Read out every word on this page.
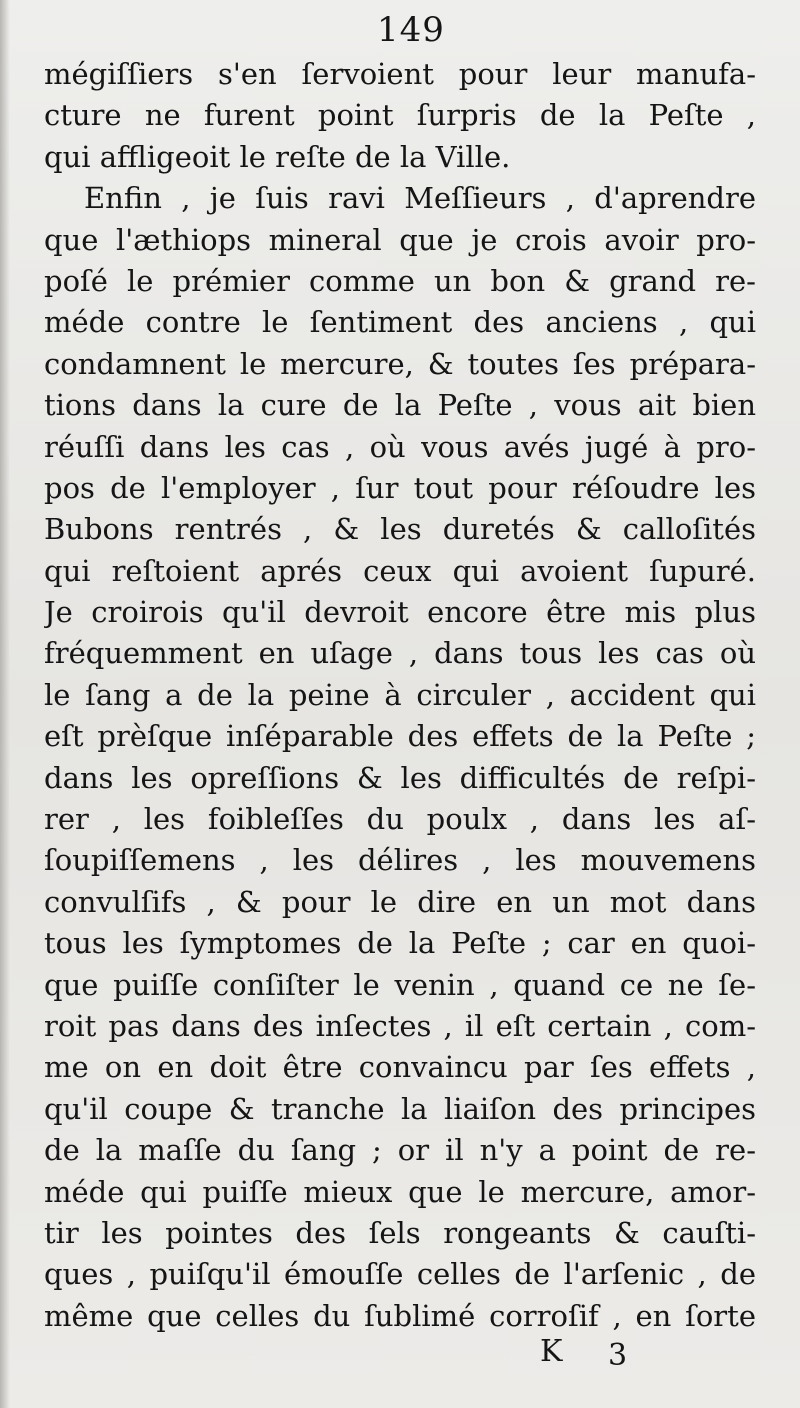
149
mégiſſiers s'en ſervoient pour leur manufa-
cture ne furent point ſurpris de la Peſte ,
qui affligeoit le reſte de la Ville.
Enfin , je ſuis ravi Meſſieurs , d'aprendre
que l'æthiops mineral que je crois avoir pro-
poſé le prémier comme un bon & grand re-
méde contre le ſentiment des anciens , qui
condamnent le mercure, & toutes ſes prépara-
tions dans la cure de la Peſte , vous ait bien
réuſſi dans les cas , où vous avés jugé à pro-
pos de l'employer , ſur tout pour réſoudre les
Bubons rentrés , & les duretés & calloſités
qui reſtoient aprés ceux qui avoient ſupuré.
Je croirois qu'il devroit encore être mis plus
fréquemment en uſage , dans tous les cas où
le ſang a de la peine à circuler , accident qui
eſt prèſque inſéparable des effets de la Peſte ;
dans les opreſſions & les difficultés de reſpi-
rer , les foibleſſes du poulx , dans les aſ-
ſoupiſſemens , les délires , les mouvemens
convulſifs , & pour le dire en un mot dans
tous les ſymptomes de la Peſte ; car en quoi-
que puiſſe conſiſter le venin , quand ce ne ſe-
roit pas dans des inſectes , il eſt certain , com-
me on en doit être convaincu par ſes effets ,
qu'il coupe & tranche la liaiſon des principes
de la maſſe du ſang ; or il n'y a point de re-
méde qui puiſſe mieux que le mercure, amor-
tir les pointes des ſels rongeants & cauſti-
ques , puiſqu'il émouſſe celles de l'arſenic , de
même que celles du ſublimé corroſif , en ſorte
K 3
